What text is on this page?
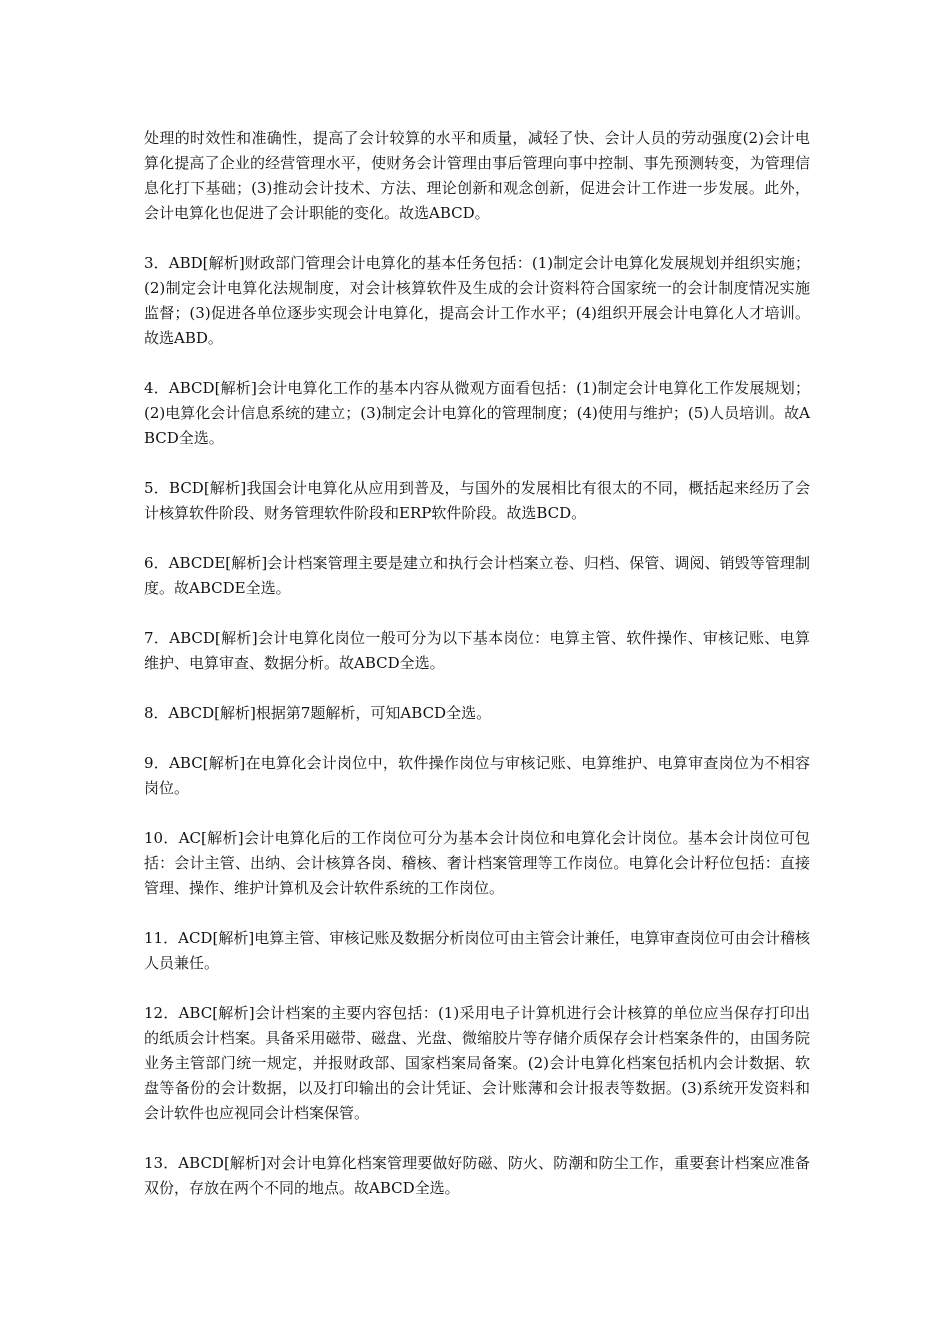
处理的时效性和准确性，提高了会计较算的水平和质量，减轻了快、会计人员的劳动强度(2)会计电算化提高了企业的经营管理水平，使财务会计管理由事后管理向事中控制、事先预测转变，为管理信息化打下基础；(3)推动会计技术、方法、理论创新和观念创新，促进会计工作进一步发展。此外，会计电算化也促进了会计职能的变化。故选ABCD。

3．ABD[解析]财政部门管理会计电算化的基本任务包括：(1)制定会计电算化发展规划并组织实施；(2)制定会计电算化法规制度，对会计核算软件及生成的会计资料符合国家统一的会计制度情况实施监督；(3)促进各单位逐步实现会计电算化，提高会计工作水平；(4)组织开展会计电算化人才培训。故选ABD。

4．ABCD[解析]会计电算化工作的基本内容从微观方面看包括：(1)制定会计电算化工作发展规划；(2)电算化会计信息系统的建立；(3)制定会计电算化的管理制度；(4)使用与维护；(5)人员培训。故ABCD全选。

5．BCD[解析]我国会计电算化从应用到普及，与国外的发展相比有很太的不同，概括起来经历了会计核算软件阶段、财务管理软件阶段和ERP软件阶段。故选BCD。

6．ABCDE[解析]会计档案管理主要是建立和执行会计档案立卷、归档、保管、调阅、销毁等管理制度。故ABCDE全选。

7．ABCD[解析]会计电算化岗位一般可分为以下基本岗位：电算主管、软件操作、审核记账、电算维护、电算审查、数据分析。故ABCD全选。

8．ABCD[解析]根据第7题解析，可知ABCD全选。

9．ABC[解析]在电算化会计岗位中，软件操作岗位与审核记账、电算维护、电算审查岗位为不相容岗位。

10．AC[解析]会计电算化后的工作岗位可分为基本会计岗位和电算化会计岗位。基本会计岗位可包括：会计主管、出纳、会计核算各岗、稽核、奢计档案管理等工作岗位。电算化会计籽位包括：直接管理、操作、维护计算机及会计软件系统的工作岗位。

11．ACD[解析]电算主管、审核记账及数据分析岗位可由主管会计兼任，电算审查岗位可由会计稽核人员兼任。

12．ABC[解析]会计档案的主要内容包括：(1)采用电子计算机进行会计核算的单位应当保存打印出的纸质会计档案。具备采用磁带、磁盘、光盘、微缩胶片等存储介质保存会计档案条件的，由国务院业务主管部门统一规定，并报财政部、国家档案局备案。(2)会计电算化档案包括机内会计数据、软盘等备份的会计数据，以及打印输出的会计凭证、会计账薄和会计报表等数据。(3)系统开发资料和会计软件也应视同会计档案保管。

13．ABCD[解析]对会计电算化档案管理要做好防磁、防火、防潮和防尘工作，重要套计档案应准备双份，存放在两个不同的地点。故ABCD全选。
